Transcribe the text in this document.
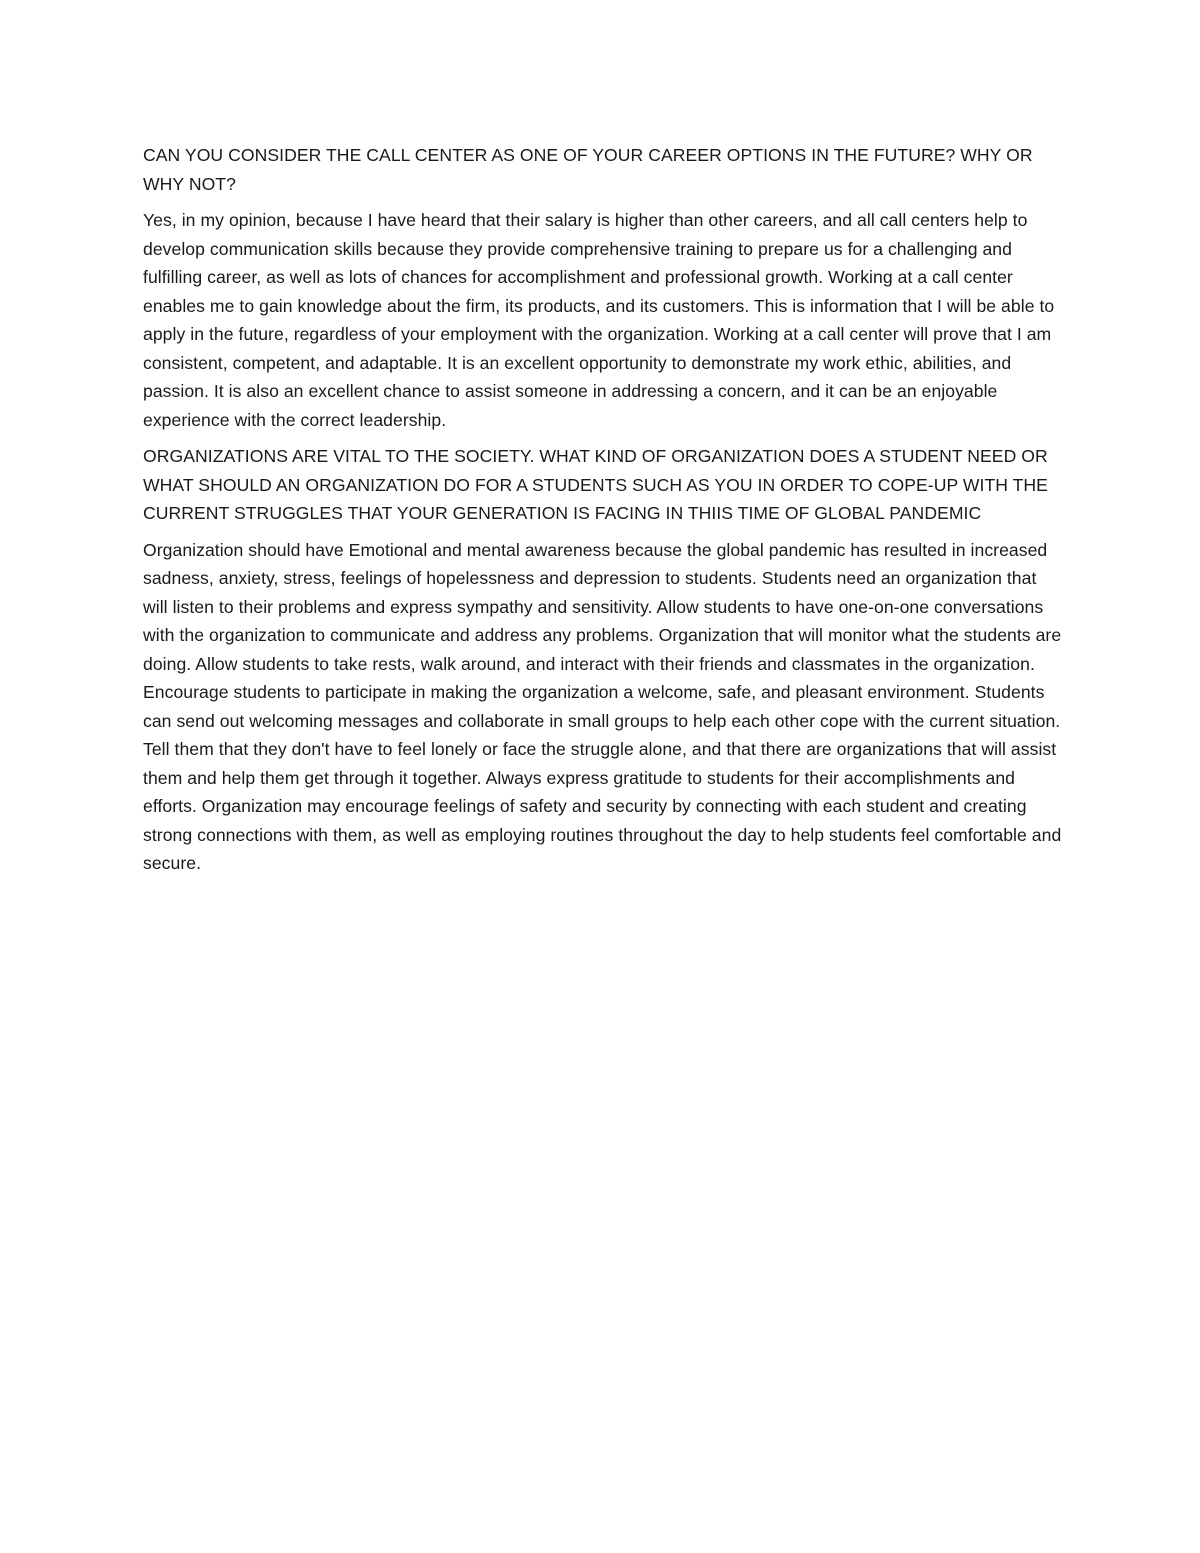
CAN YOU CONSIDER THE CALL CENTER AS ONE OF YOUR CAREER OPTIONS IN THE FUTURE? WHY OR WHY NOT?

Yes, in my opinion, because I have heard that their salary is higher than other careers, and all call centers help to develop communication skills because they provide comprehensive training to prepare us for a challenging and fulfilling career, as well as lots of chances for accomplishment and professional growth. Working at a call center enables me to gain knowledge about the firm, its products, and its customers. This is information that I will be able to apply in the future, regardless of your employment with the organization. Working at a call center will prove that I am consistent, competent, and adaptable. It is an excellent opportunity to demonstrate my work ethic, abilities, and passion. It is also an excellent chance to assist someone in addressing a concern, and it can be an enjoyable experience with the correct leadership.

ORGANIZATIONS ARE VITAL TO THE SOCIETY. WHAT KIND OF ORGANIZATION DOES A STUDENT NEED OR WHAT SHOULD AN ORGANIZATION DO FOR A STUDENTS SUCH AS YOU IN ORDER TO COPE-UP WITH THE CURRENT STRUGGLES THAT YOUR GENERATION IS FACING IN THIIS TIME OF GLOBAL PANDEMIC

Organization should have Emotional and mental awareness because the global pandemic has resulted in increased sadness, anxiety, stress, feelings of hopelessness and depression to students. Students need an organization that will listen to their problems and express sympathy and sensitivity. Allow students to have one-on-one conversations with the organization to communicate and address any problems. Organization that will monitor what the students are doing. Allow students to take rests, walk around, and interact with their friends and classmates in the organization. Encourage students to participate in making the organization a welcome, safe, and pleasant environment. Students can send out welcoming messages and collaborate in small groups to help each other cope with the current situation. Tell them that they don't have to feel lonely or face the struggle alone, and that there are organizations that will assist them and help them get through it together. Always express gratitude to students for their accomplishments and efforts. Organization may encourage feelings of safety and security by connecting with each student and creating strong connections with them, as well as employing routines throughout the day to help students feel comfortable and secure.
